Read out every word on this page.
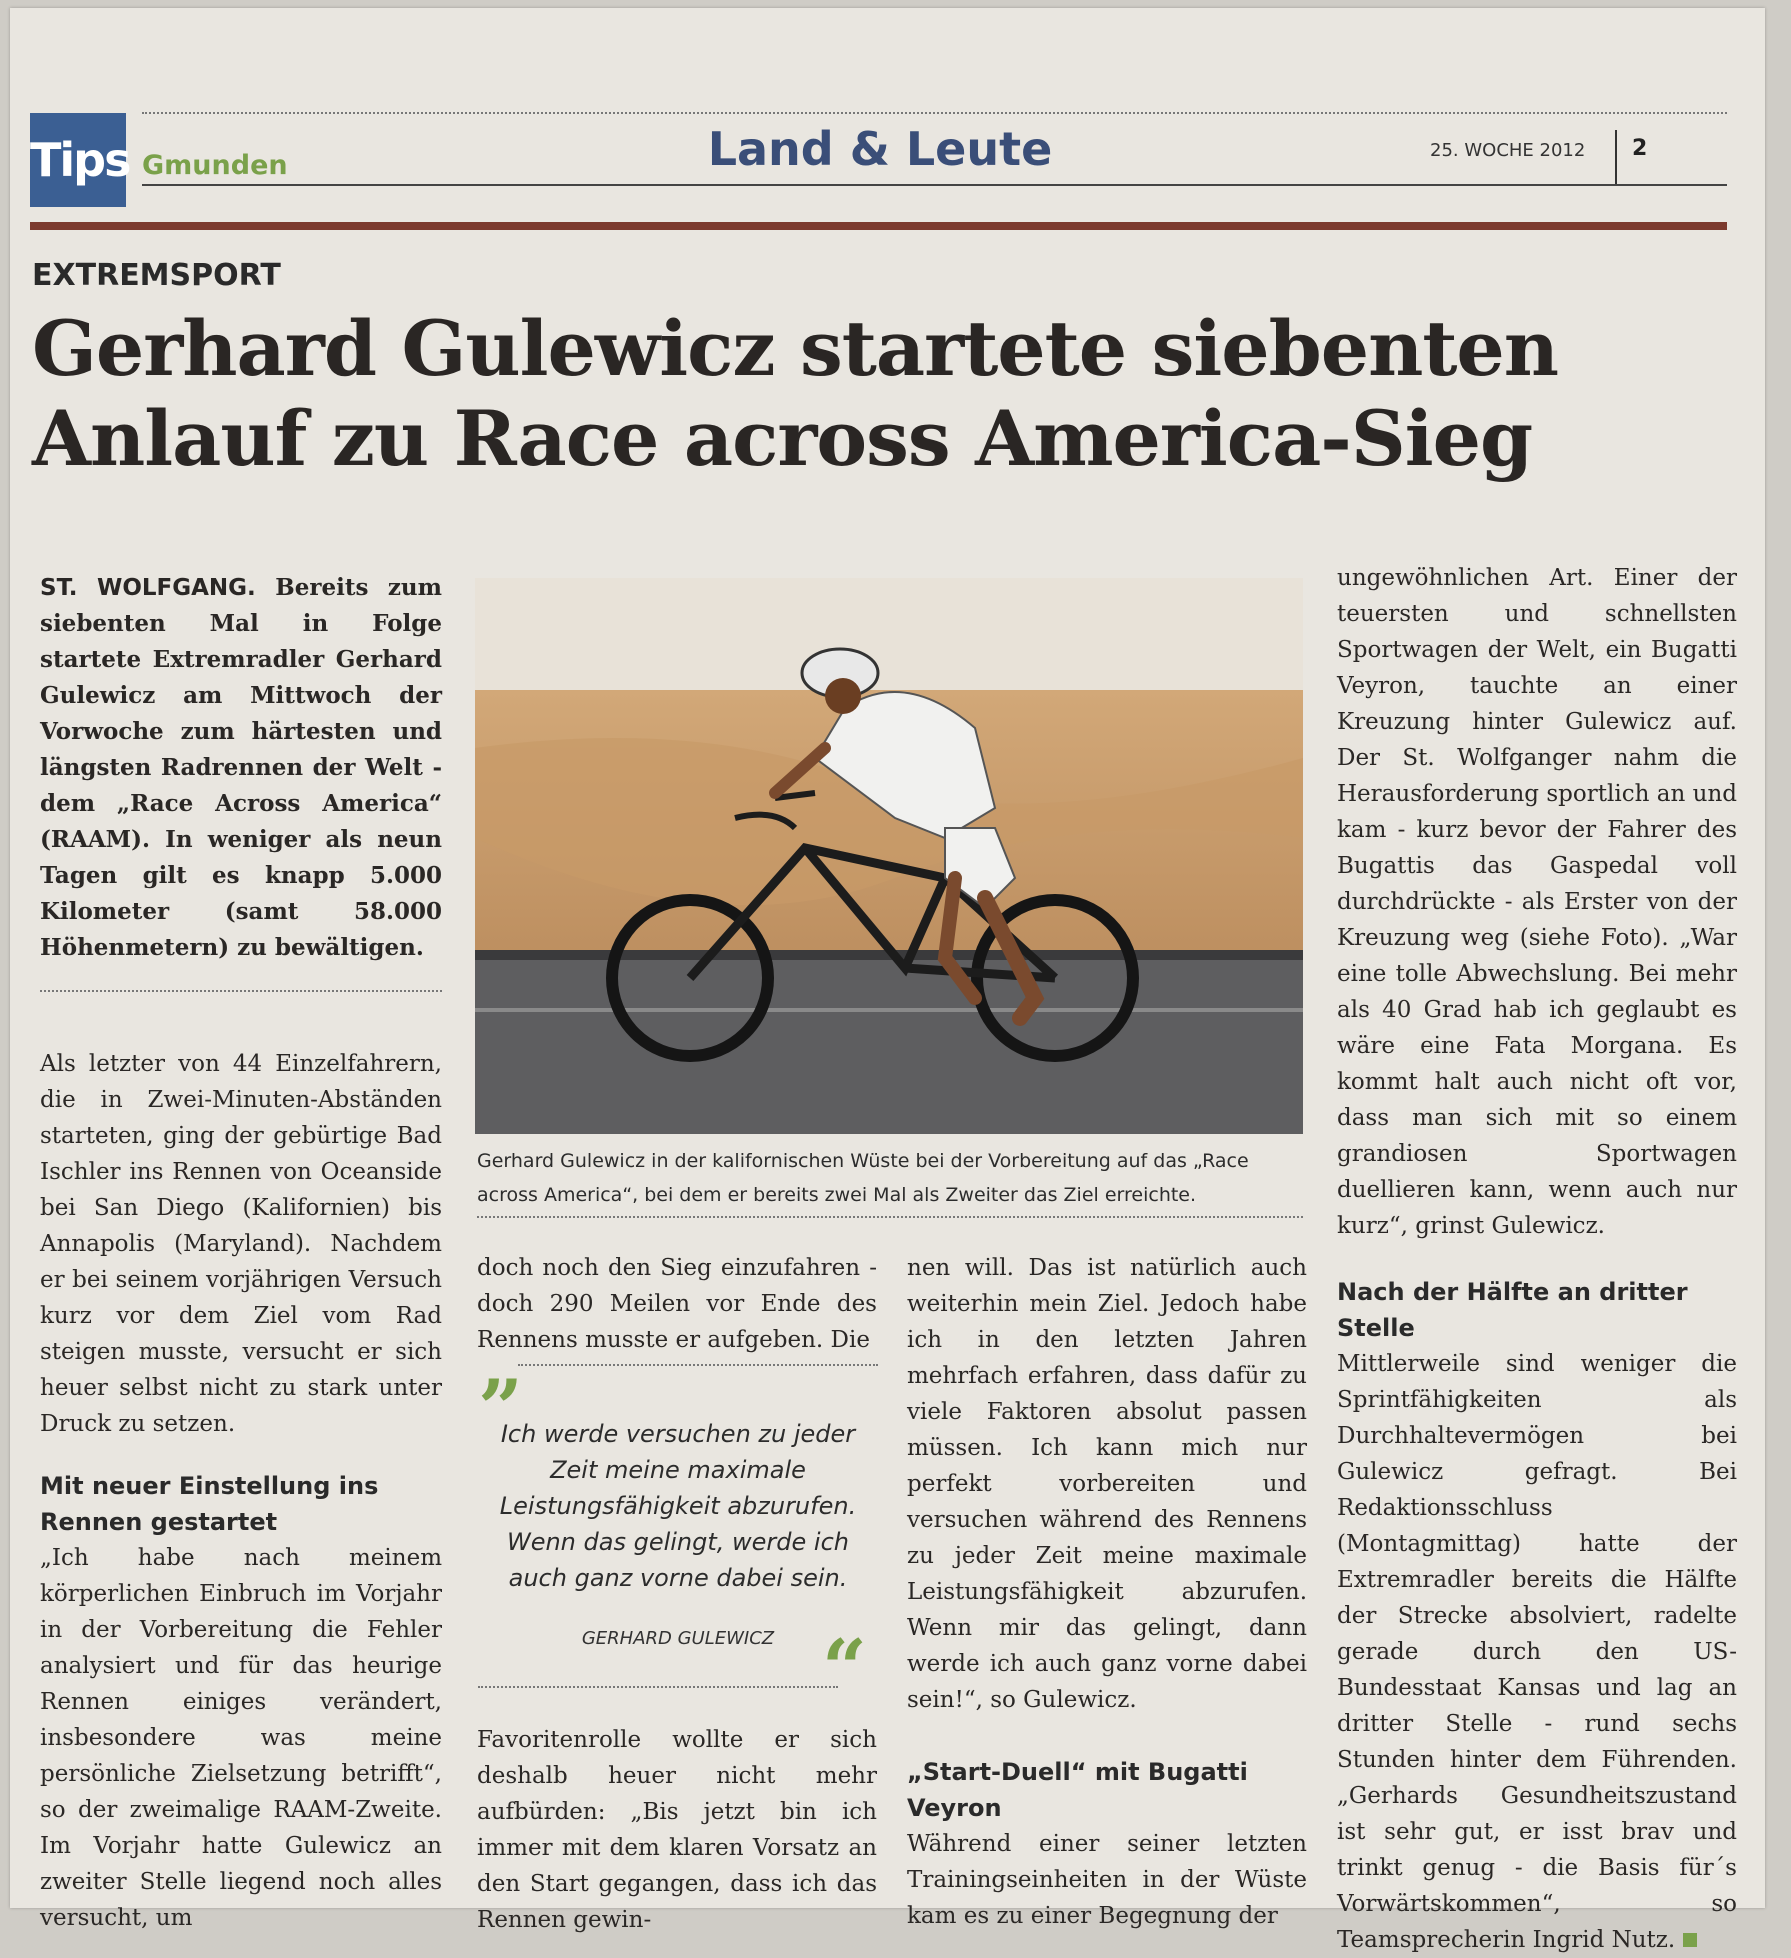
Tips Gmunden	Land & Leute	25. WOCHE 2012 2
EXTREMSPORT
Gerhard Gulewicz startete siebenten Anlauf zu Race across America-Sieg

ST. WOLFGANG. Bereits zum siebenten Mal in Folge startete Extremradler Gerhard Gulewicz am Mittwoch der Vorwoche zum härtesten und längsten Radrennen der Welt - dem „Race Across America“ (RAAM). In weniger als neun Tagen gilt es knapp 5.000 Kilometer (samt 58.000 Höhenmetern) zu bewältigen.

Als letzter von 44 Einzelfahrern, die in Zwei-Minuten-Abständen starteten, ging der gebürtige Bad Ischler ins Rennen von Oceanside bei San Diego (Kalifornien) bis Annapolis (Maryland). Nachdem er bei seinem vorjährigen Versuch kurz vor dem Ziel vom Rad steigen musste, versucht er sich heuer selbst nicht zu stark unter Druck zu setzen.

Mit neuer Einstellung ins Rennen gestartet

„Ich habe nach meinem körperlichen Einbruch im Vorjahr in der Vorbereitung die Fehler analysiert und für das heurige Rennen einiges verändert, insbesondere was meine persönliche Zielsetzung betrifft“, so der zweimalige RAAM-Zweite. Im Vorjahr hatte Gulewicz an zweiter Stelle liegend noch alles versucht, um

Gerhard Gulewicz in der kalifornischen Wüste bei der Vorbereitung auf das „Race across America“, bei dem er bereits zwei Mal als Zweiter das Ziel erreichte.

doch noch den Sieg einzufahren - doch 290 Meilen vor Ende des Rennens musste er aufgeben. Die

”

Ich werde versuchen zu jeder Zeit meine maximale Leistungsfähigkeit abzurufen. Wenn das gelingt, werde ich auch ganz vorne dabei sein.

GERHARD GULEWICZ “

Favoritenrolle wollte er sich deshalb heuer nicht mehr aufbürden: „Bis jetzt bin ich immer mit dem klaren Vorsatz an den Start gegangen, dass ich das Rennen gewin-

nen will. Das ist natürlich auch weiterhin mein Ziel. Jedoch habe ich in den letzten Jahren mehrfach erfahren, dass dafür zu viele Faktoren absolut passen müssen. Ich kann mich nur perfekt vorbereiten und versuchen während des Rennens zu jeder Zeit meine maximale Leistungsfähigkeit abzurufen. Wenn mir das gelingt, dann werde ich auch ganz vorne dabei sein!“, so Gulewicz.

„Start-Duell“ mit Bugatti Veyron

Während einer seiner letzten Trainingseinheiten in der Wüste kam es zu einer Begegnung der

ungewöhnlichen Art. Einer der teuersten und schnellsten Sportwagen der Welt, ein Bugatti Veyron, tauchte an einer Kreuzung hinter Gulewicz auf. Der St. Wolfganger nahm die Herausforderung sportlich an und kam - kurz bevor der Fahrer des Bugattis das Gaspedal voll durchdrückte - als Erster von der Kreuzung weg (siehe Foto). „War eine tolle Abwechslung. Bei mehr als 40 Grad hab ich geglaubt es wäre eine Fata Morgana. Es kommt halt auch nicht oft vor, dass man sich mit so einem grandiosen Sportwagen duellieren kann, wenn auch nur kurz“, grinst Gulewicz.

Nach der Hälfte an dritter Stelle

Mittlerweile sind weniger die Sprintfähigkeiten als Durchhaltevermögen bei Gulewicz gefragt. Bei Redaktionsschluss (Montagmittag) hatte der Extremradler bereits die Hälfte der Strecke absolviert, radelte gerade durch den US-Bundesstaat Kansas und lag an dritter Stelle - rund sechs Stunden hinter dem Führenden. „Gerhards Gesundheitszustand ist sehr gut, er isst brav und trinkt genug - die Basis für´s Vorwärtskommen“, so Teamsprecherin Ingrid Nutz.
